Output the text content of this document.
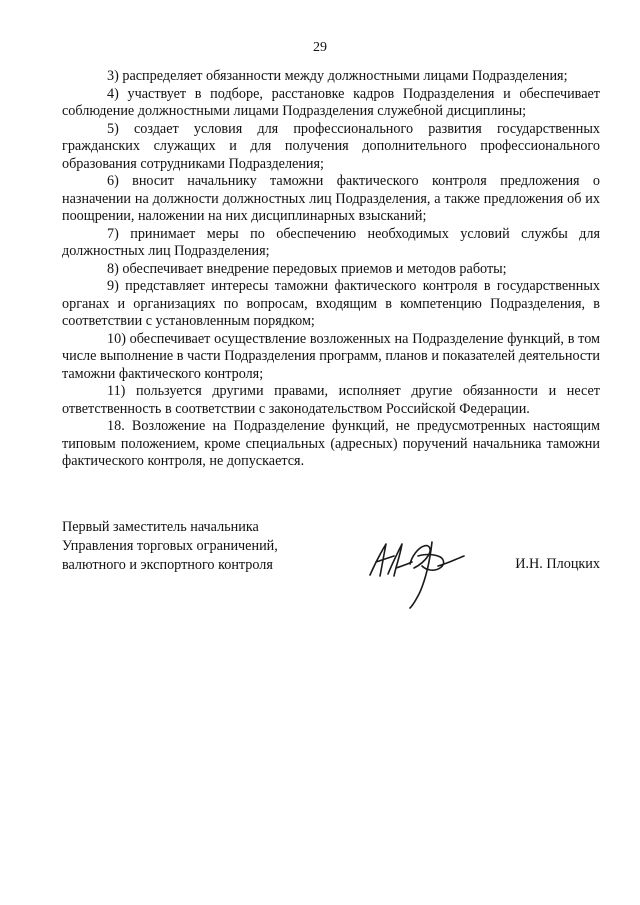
29

3) распределяет обязанности между должностными лицами Подразделения;

4) участвует в подборе, расстановке кадров Подразделения и обеспечивает соблюдение должностными лицами Подразделения служебной дисциплины;

5) создает условия для профессионального развития государственных гражданских служащих и для получения дополнительного профессионального образования сотрудниками Подразделения;

6) вносит начальнику таможни фактического контроля предложения о назначении на должности должностных лиц Подразделения, а также предложения об их поощрении, наложении на них дисциплинарных взысканий;

7) принимает меры по обеспечению необходимых условий службы для должностных лиц Подразделения;

8) обеспечивает внедрение передовых приемов и методов работы;

9) представляет интересы таможни фактического контроля в государственных органах и организациях по вопросам, входящим в компетенцию Подразделения, в соответствии с установленным порядком;

10) обеспечивает осуществление возложенных на Подразделение функций, в том числе выполнение в части Подразделения программ, планов и показателей деятельности таможни фактического контроля;

11) пользуется другими правами, исполняет другие обязанности и несет ответственность в соответствии с законодательством Российской Федерации.

18. Возложение на Подразделение функций, не предусмотренных настоящим типовым положением, кроме специальных (адресных) поручений начальника таможни фактического контроля, не допускается.

Первый заместитель начальника
Управления торговых ограничений,
валютного и экспортного контроля	И.Н. Плоцких
